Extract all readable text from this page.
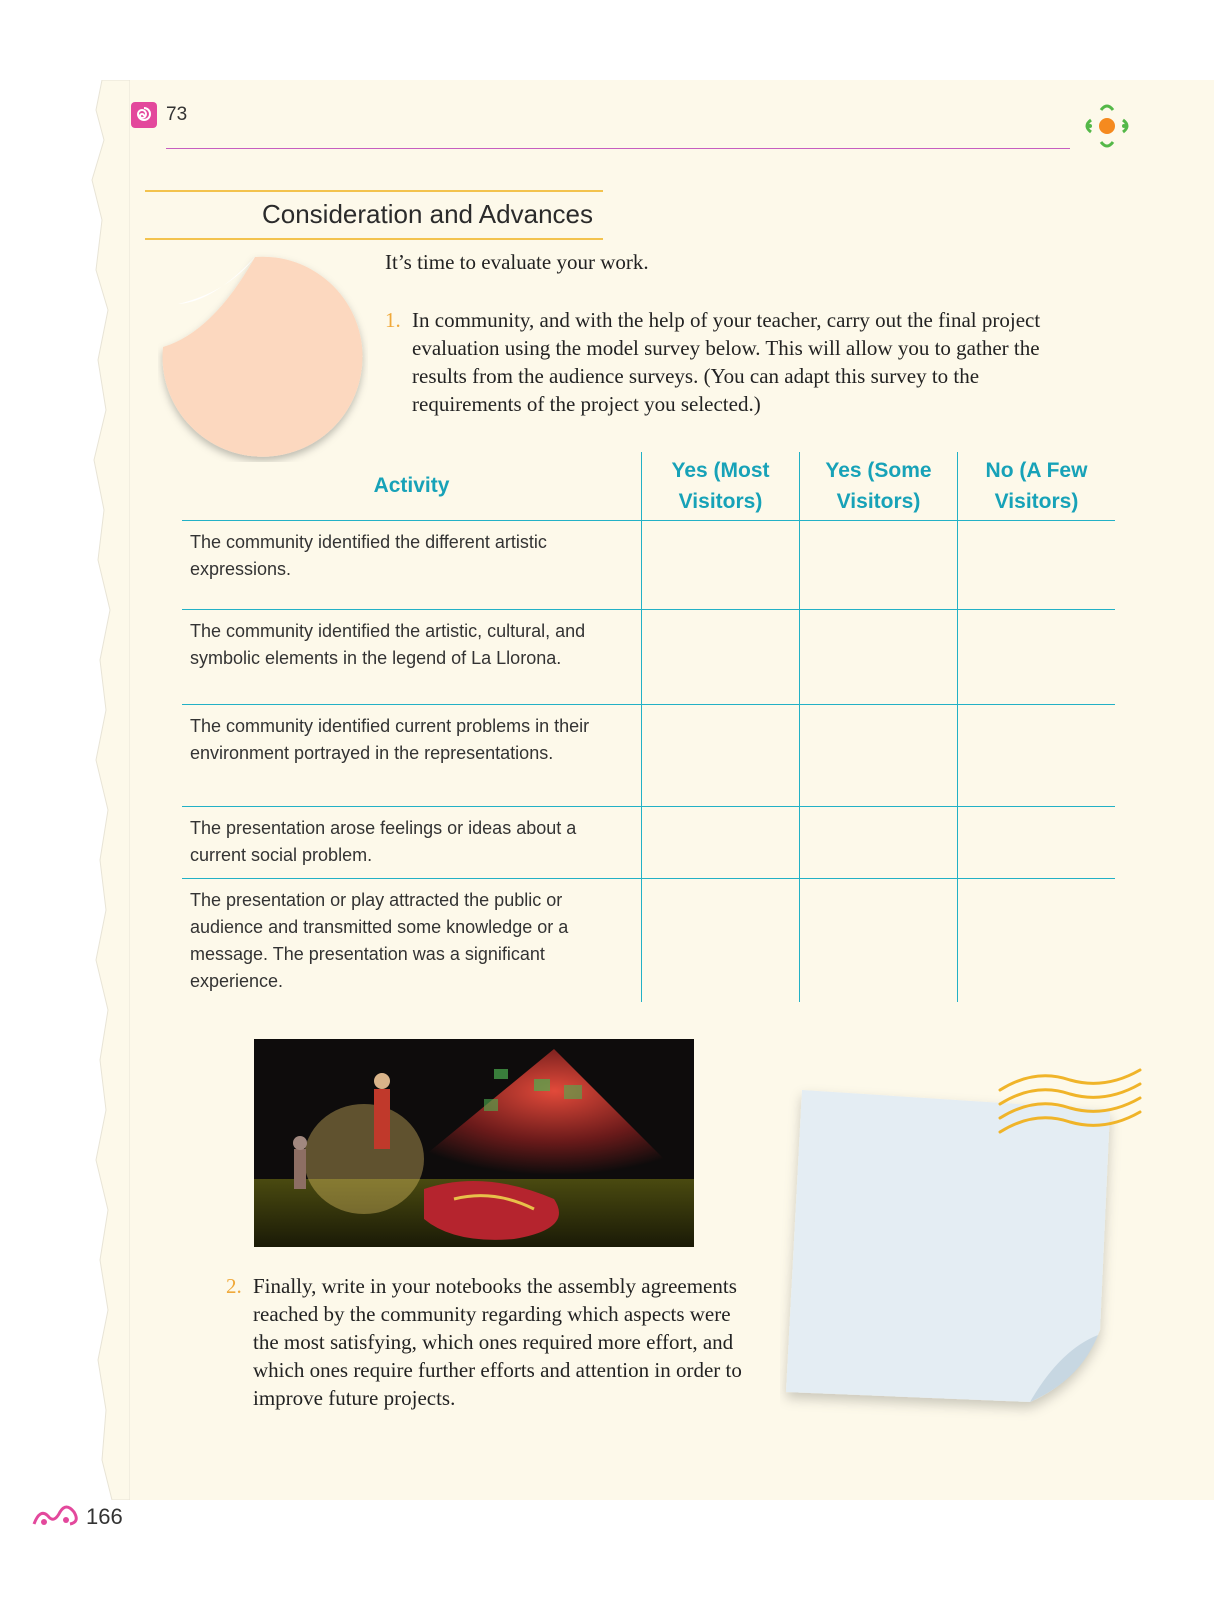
73
Consideration and Advances
It’s time to evaluate your work.
1. In community, and with the help of your teacher, carry out the final project evaluation using the model survey below. This will allow you to gather the results from the audience surveys. (You can adapt this survey to the requirements of the project you selected.)
Activity	Yes (Most Visitors)	Yes (Some Visitors)	No (A Few Visitors)
The community identified the different artistic expressions.			
The community identified the artistic, cultural, and symbolic elements in the legend of La Llorona.			
The community identified current problems in their environment portrayed in the representations.			
The presentation arose feelings or ideas about a current social problem.			
The presentation or play attracted the public or audience and transmitted some knowledge or a message. The presentation was a significant experience.			
2. Finally, write in your notebooks the assembly agreements reached by the community regarding which aspects were the most satisfying, which ones required more effort, and which ones require further efforts and attention in order to improve future projects.
166
